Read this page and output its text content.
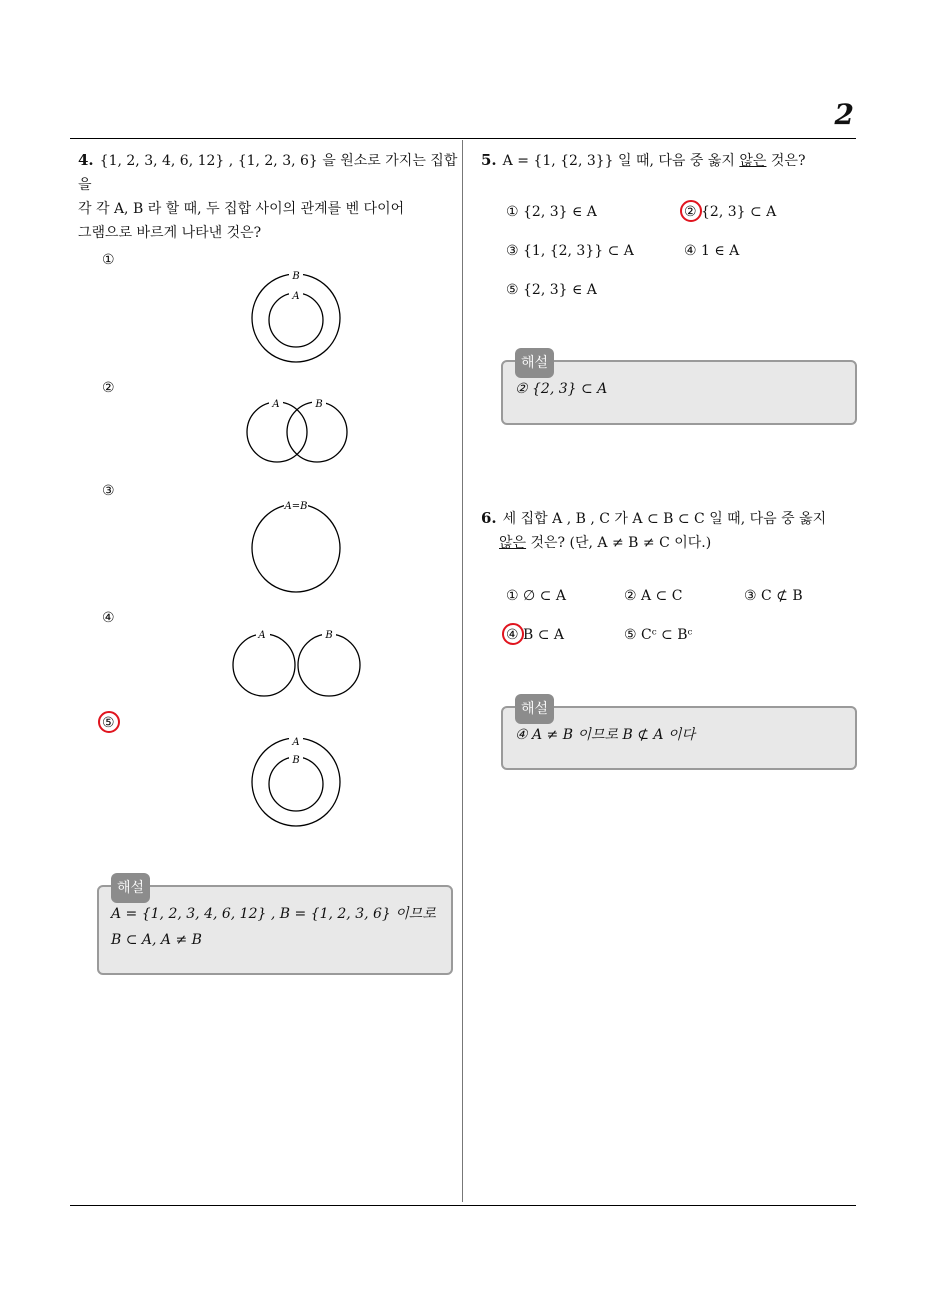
2
4. {1, 2, 3, 4, 6, 12} , {1, 2, 3, 6} 을 원소로 가지는 집합을
각 각 A, B 라 할 때, 두 집합 사이의 관계를 벤 다이어
그램으로 바르게 나타낸 것은?
①
B
A
②
A	B
③
A=B
④
A	B
⑤
A
B
해설
A = {1, 2, 3, 4, 6, 12} , B = {1, 2, 3, 6} 이므로
B ⊂ A, A ≠ B
5. A = {1, {2, 3}} 일 때, 다음 중 옳지 않은 것은?
① {2, 3} ∈ A	② {2, 3} ⊂ A
③ {1, {2, 3}} ⊂ A	④ 1 ∈ A
⑤ {2, 3} ∈ A
해설
② {2, 3} ⊂ A
6. 세 집합 A , B , C 가 A ⊂ B ⊂ C 일 때, 다음 중 옳지
않은 것은? (단, A ≠ B ≠ C 이다.)
① ∅ ⊂ A	② A ⊂ C	③ C ⊄ B
④ B ⊂ A	⑤ Cᶜ ⊂ Bᶜ
해설
④ A ≠ B 이므로 B ⊄ A 이다
